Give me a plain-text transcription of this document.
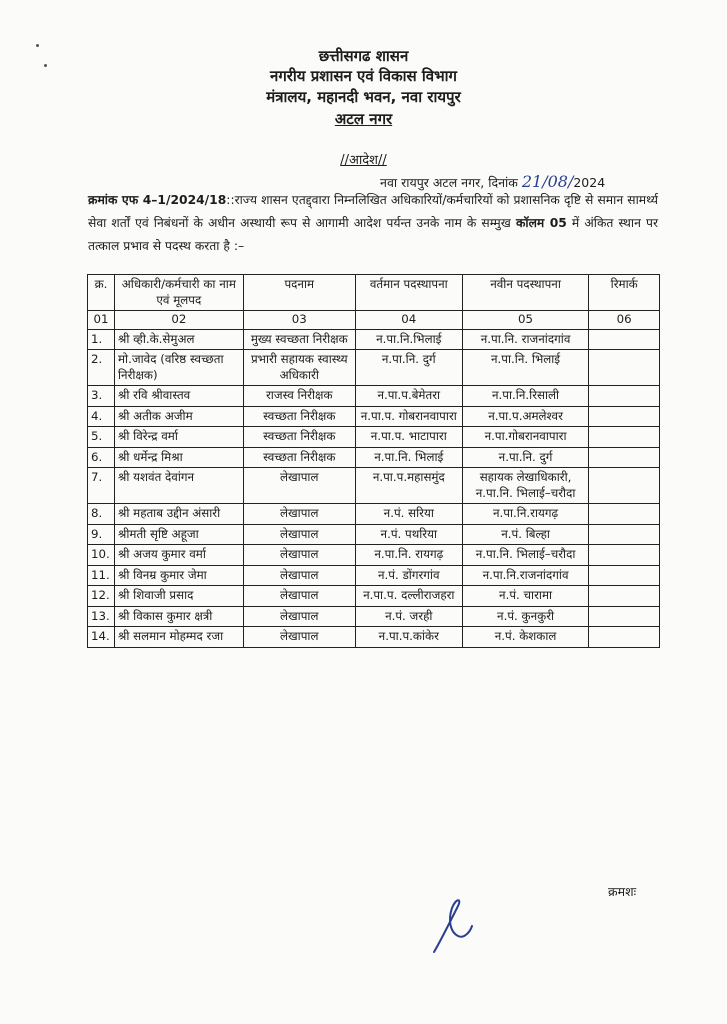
छत्तीसगढ शासन
नगरीय प्रशासन एवं विकास विभाग
मंत्रालय, महानदी भवन, नवा रायपुर
अटल नगर
//आदेश//
नवा रायपुर अटल नगर, दिनांक 21/08/2024
क्रमांक एफ 4–1/2024/18::राज्य शासन एतद्द्वारा निम्नलिखित अधिकारियों/कर्मचारियों को प्रशासनिक दृष्टि से समान सामर्थ्य सेवा शर्तों एवं निबंधनों के अधीन अस्थायी रूप से आगामी आदेश पर्यन्त उनके नाम के सम्मुख कॉलम 05 में अंकित स्थान पर तत्काल प्रभाव से पदस्थ करता है :–
क्र.	अधिकारी/कर्मचारी का नाम एवं मूलपद	पदनाम	वर्तमान पदस्थापना	नवीन पदस्थापना	रिमार्क
01	02	03	04	05	06
1.	श्री व्ही.के.सेमुअल	मुख्य स्वच्छता निरीक्षक	न.पा.नि.भिलाई	न.पा.नि. राजनांदगांव	
2.	मो.जावेद (वरिष्ठ स्वच्छता निरीक्षक)	प्रभारी सहायक स्वास्थ्य अधिकारी	न.पा.नि. दुर्ग	न.पा.नि. भिलाई	
3.	श्री रवि श्रीवास्तव	राजस्व निरीक्षक	न.पा.प.बेमेतरा	न.पा.नि.रिसाली	
4.	श्री अतीक अजीम	स्वच्छता निरीक्षक	न.पा.प. गोबरानवापारा	न.पा.प.अमलेश्वर	
5.	श्री विरेन्द्र वर्मा	स्वच्छता निरीक्षक	न.पा.प. भाटापारा	न.पा.गोबरानवापारा	
6.	श्री धर्मेन्द्र मिश्रा	स्वच्छता निरीक्षक	न.पा.नि. भिलाई	न.पा.नि. दुर्ग	
7.	श्री यशवंत देवांगन	लेखापाल	न.पा.प.महासमुंद	सहायक लेखाधिकारी, न.पा.नि. भिलाई–चरौदा	
8.	श्री महताब उद्दीन अंसारी	लेखापाल	न.पं. सरिया	न.पा.नि.रायगढ़	
9.	श्रीमती सृष्टि अहूजा	लेखापाल	न.पं. पथरिया	न.पं. बिल्हा	
10.	श्री अजय कुमार वर्मा	लेखापाल	न.पा.नि. रायगढ़	न.पा.नि. भिलाई–चरौदा	
11.	श्री विनम्र कुमार जेमा	लेखापाल	न.पं. डोंगरगांव	न.पा.नि.राजनांदगांव	
12.	श्री शिवाजी प्रसाद	लेखापाल	न.पा.प. दल्लीराजहरा	न.पं. चारामा	
13.	श्री विकास कुमार क्षत्री	लेखापाल	न.पं. जरही	न.पं. कुनकुरी	
14.	श्री सलमान मोहम्मद रजा	लेखापाल	न.पा.प.कांकेर	न.पं. केशकाल	
क्रमशः
